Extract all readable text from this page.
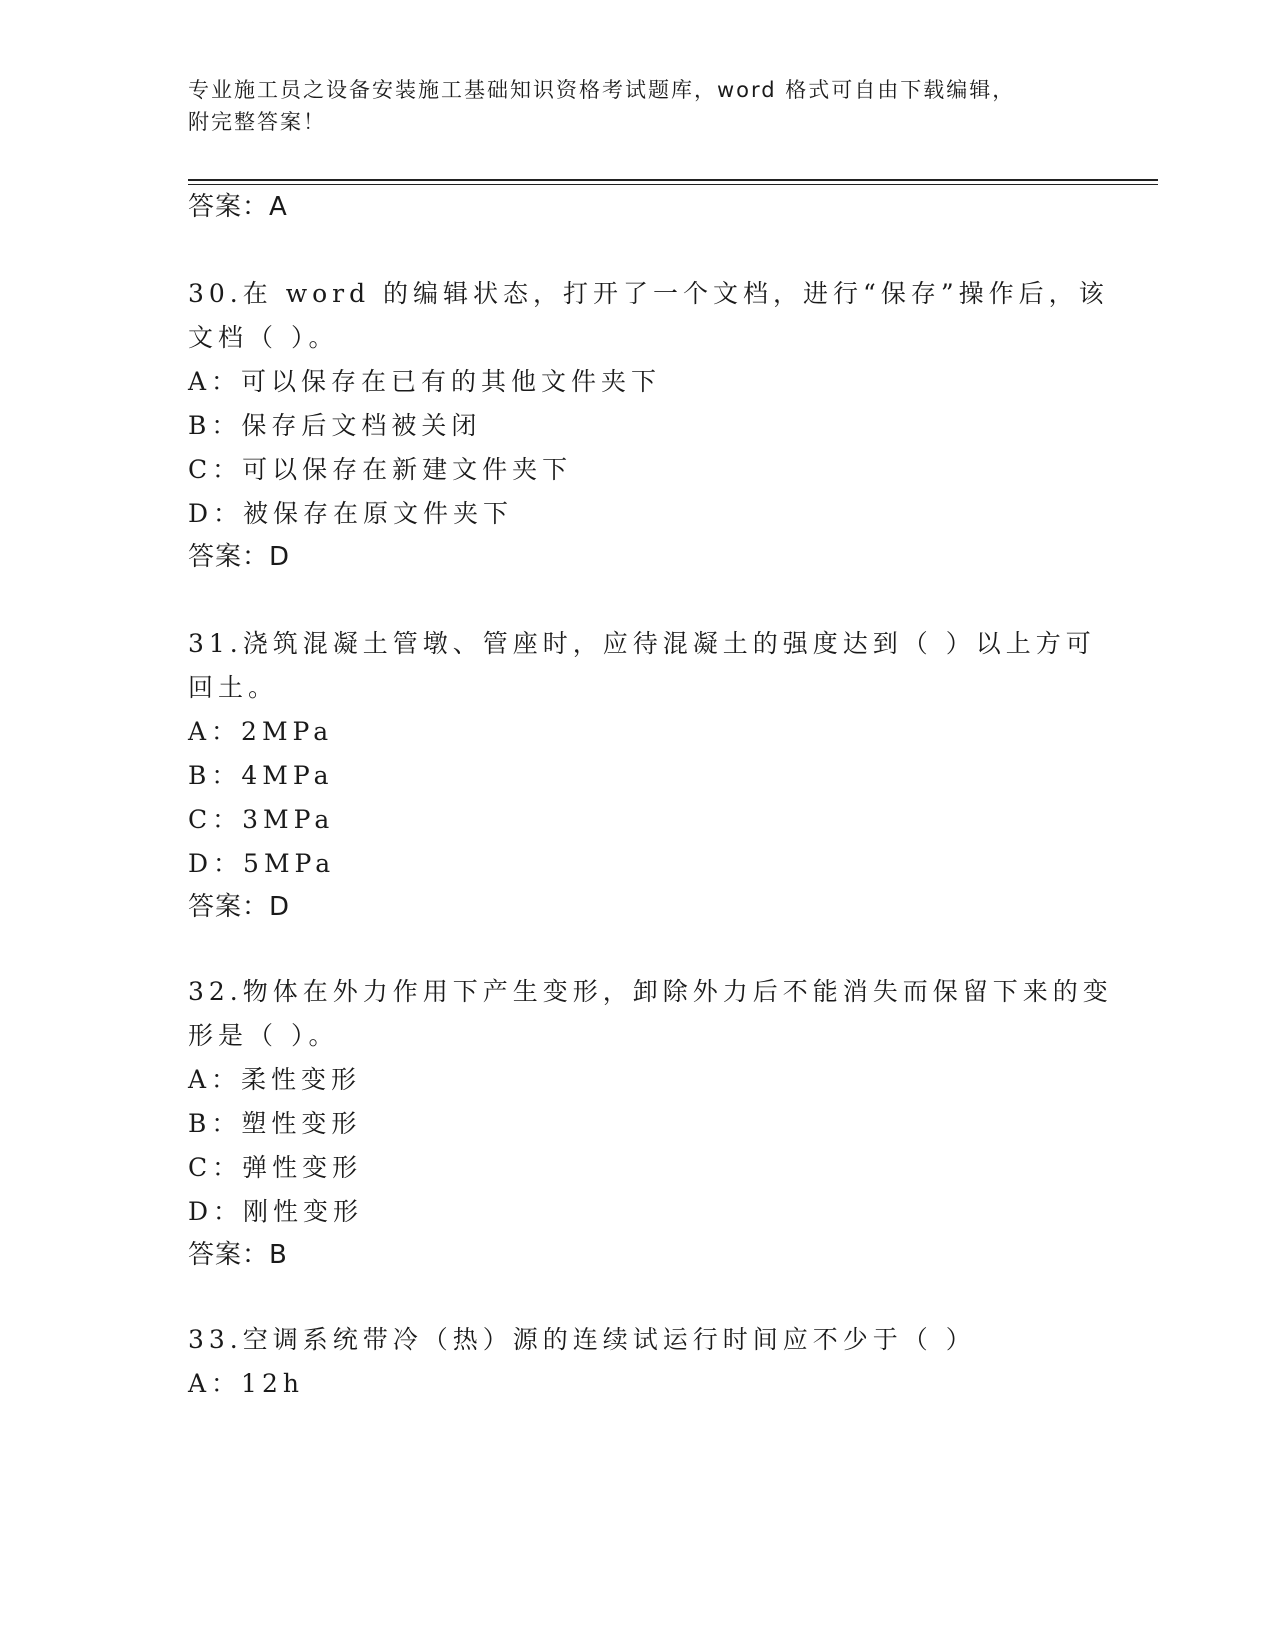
专业施工员之设备安装施工基础知识资格考试题库，word 格式可自由下载编辑，
附完整答案！
答案：A
30.在 word 的编辑状态，打开了一个文档，进行“保存”操作后，该
文档（ ）。
A：可以保存在已有的其他文件夹下
B：保存后文档被关闭
C：可以保存在新建文件夹下
D：被保存在原文件夹下
答案：D
31.浇筑混凝土管墩、管座时，应待混凝土的强度达到（ ）以上方可
回土。
A：2MPa
B：4MPa
C：3MPa
D：5MPa
答案：D
32.物体在外力作用下产生变形，卸除外力后不能消失而保留下来的变
形是（ ）。
A：柔性变形
B：塑性变形
C：弹性变形
D：刚性变形
答案：B
33.空调系统带冷（热）源的连续试运行时间应不少于（ ）
A：12h
